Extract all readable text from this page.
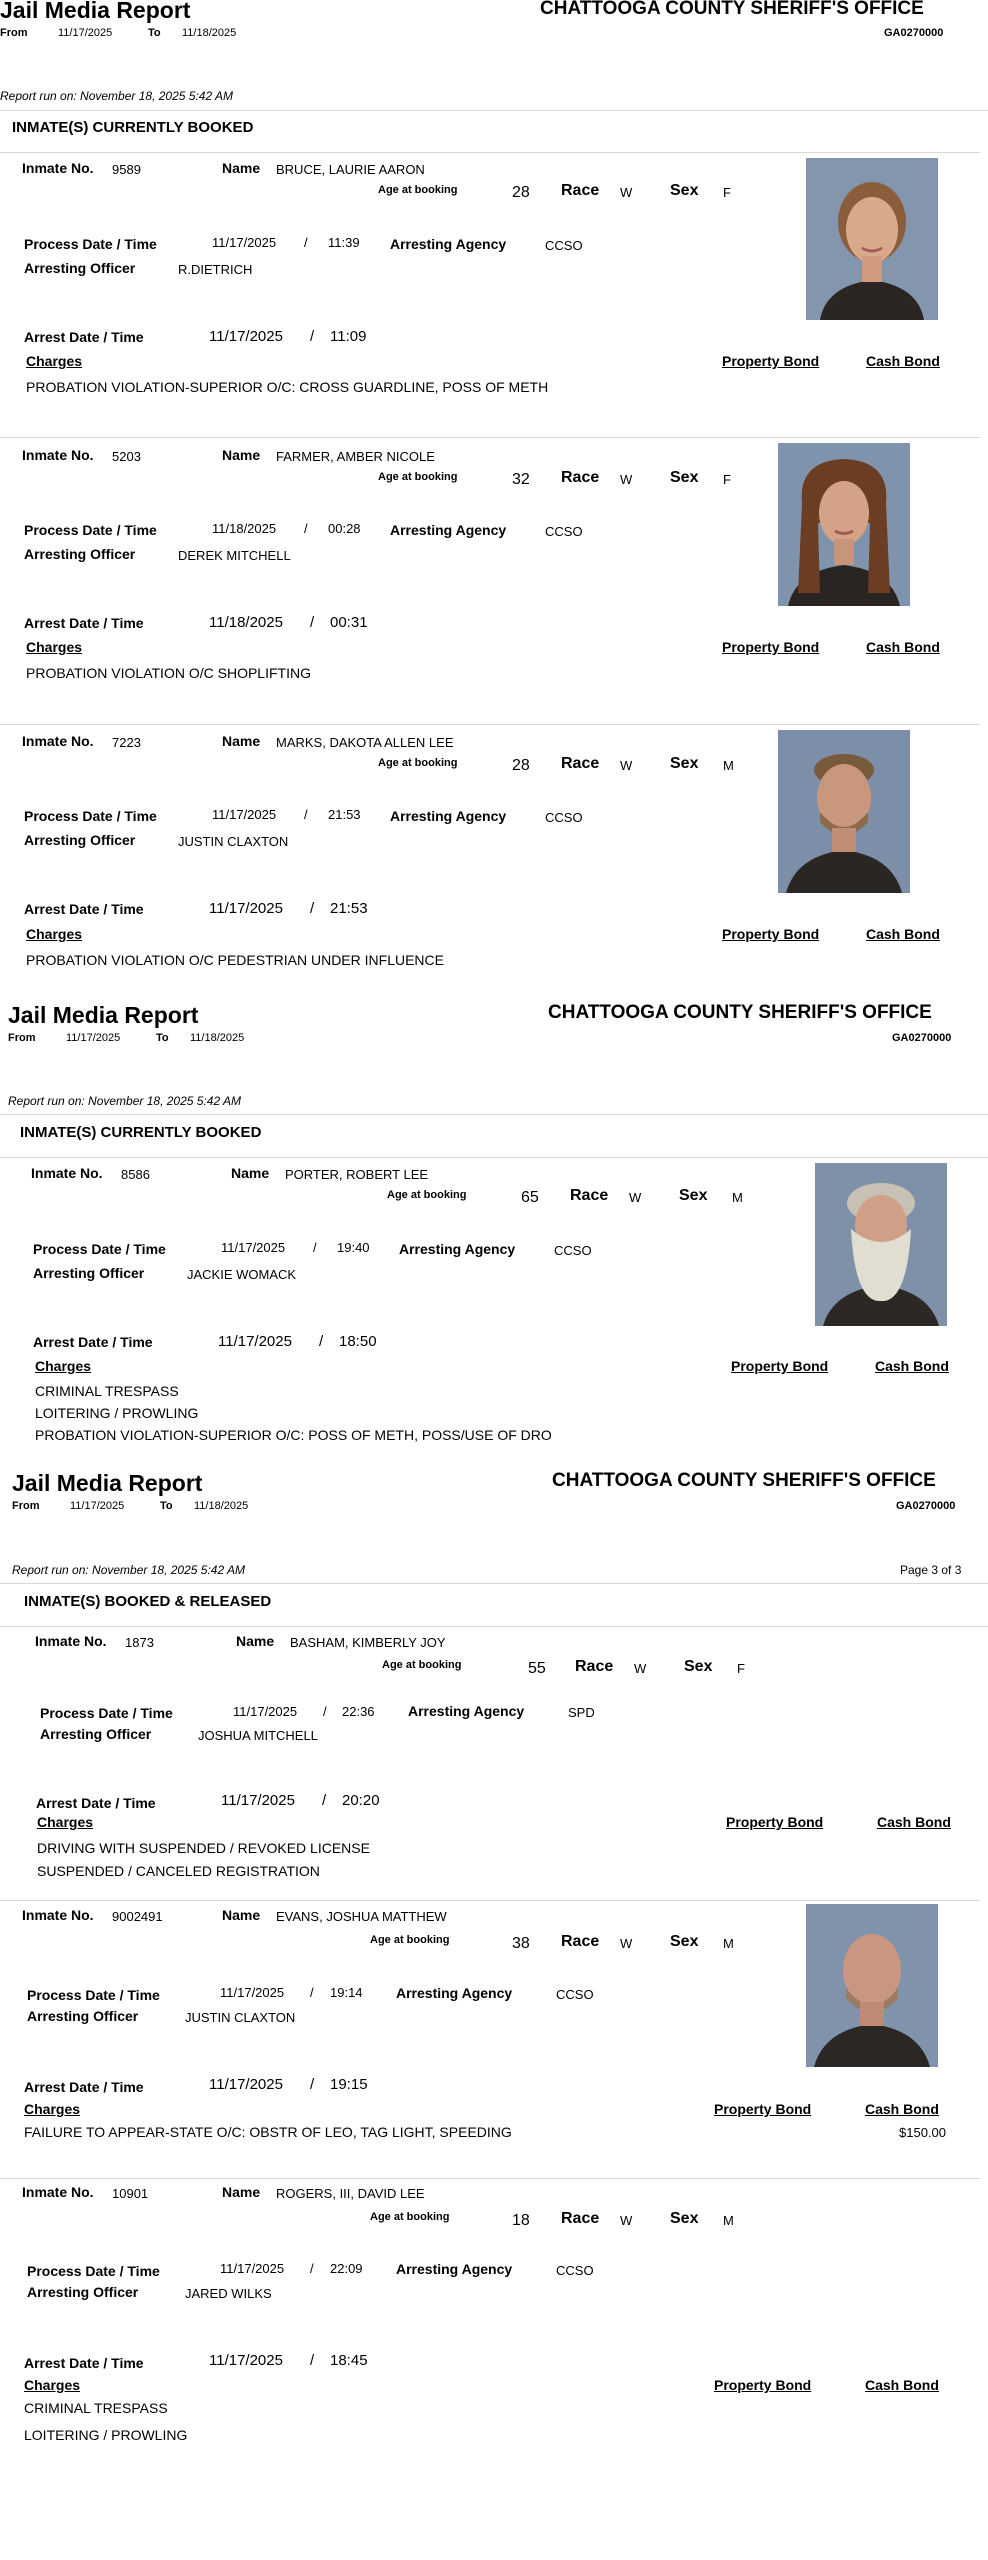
Jail Media Report
From	11/17/2025	To 11/18/2025
CHATTOOGA COUNTY SHERIFF'S OFFICE
GA0270000
Report run on: November 18, 2025 5:42 AM
INMATE(S) CURRENTLY BOOKED
Inmate No. 9589	Name BRUCE, LAURIE AARON
Age at booking	28 Race W Sex F
Process Date / Time	11/17/2025 / 11:39 Arresting Agency	CCSO
Arresting Officer	R.DIETRICH
Arrest Date / Time	11/17/2025 / 11:09
Charges	Property Bond	Cash Bond
PROBATION VIOLATION-SUPERIOR O/C: CROSS GUARDLINE, POSS OF METH
Inmate No. 5203	Name FARMER, AMBER NICOLE
Age at booking	32 Race W Sex F
Process Date / Time	11/18/2025 / 00:28 Arresting Agency	CCSO
Arresting Officer	DEREK MITCHELL
Arrest Date / Time	11/18/2025 / 00:31
Charges	Property Bond	Cash Bond
PROBATION VIOLATION O/C SHOPLIFTING
Inmate No. 7223	Name MARKS, DAKOTA ALLEN LEE
Age at booking	28 Race W Sex M
Process Date / Time	11/17/2025 / 21:53 Arresting Agency	CCSO
Arresting Officer	JUSTIN CLAXTON
Arrest Date / Time	11/17/2025 / 21:53
Charges	Property Bond	Cash Bond
PROBATION VIOLATION O/C PEDESTRIAN UNDER INFLUENCE
Jail Media Report
From	11/17/2025	To 11/18/2025
CHATTOOGA COUNTY SHERIFF'S OFFICE
GA0270000
Report run on: November 18, 2025 5:42 AM
INMATE(S) CURRENTLY BOOKED
Inmate No. 8586	Name PORTER, ROBERT LEE
Age at booking	65 Race W Sex M
Process Date / Time	11/17/2025 / 19:40 Arresting Agency	CCSO
Arresting Officer	JACKIE WOMACK
Arrest Date / Time	11/17/2025 / 18:50
Charges	Property Bond	Cash Bond
CRIMINAL TRESPASS
LOITERING / PROWLING
PROBATION VIOLATION-SUPERIOR O/C: POSS OF METH, POSS/USE OF DRO
Jail Media Report
From	11/17/2025	To 11/18/2025
CHATTOOGA COUNTY SHERIFF'S OFFICE
GA0270000
Report run on: November 18, 2025 5:42 AM	Page 3 of 3
INMATE(S) BOOKED & RELEASED
Inmate No. 1873	Name BASHAM, KIMBERLY JOY
Age at booking	55 Race W Sex F
Process Date / Time	11/17/2025 / 22:36 Arresting Agency	SPD
Arresting Officer	JOSHUA MITCHELL
Arrest Date / Time	11/17/2025 / 20:20
Charges	Property Bond	Cash Bond
DRIVING WITH SUSPENDED / REVOKED LICENSE
SUSPENDED / CANCELED REGISTRATION
Inmate No. 9002491	Name EVANS, JOSHUA MATTHEW
Age at booking	38 Race W Sex M
Process Date / Time	11/17/2025 / 19:14 Arresting Agency	CCSO
Arresting Officer	JUSTIN CLAXTON
Arrest Date / Time	11/17/2025 / 19:15
Charges	Property Bond	Cash Bond
FAILURE TO APPEAR-STATE O/C: OBSTR OF LEO, TAG LIGHT, SPEEDING	$150.00
Inmate No. 10901	Name ROGERS, III, DAVID LEE
Age at booking	18 Race W Sex M
Process Date / Time	11/17/2025 / 22:09 Arresting Agency	CCSO
Arresting Officer	JARED WILKS
Arrest Date / Time	11/17/2025 / 18:45
Charges	Property Bond	Cash Bond
CRIMINAL TRESPASS
LOITERING / PROWLING
